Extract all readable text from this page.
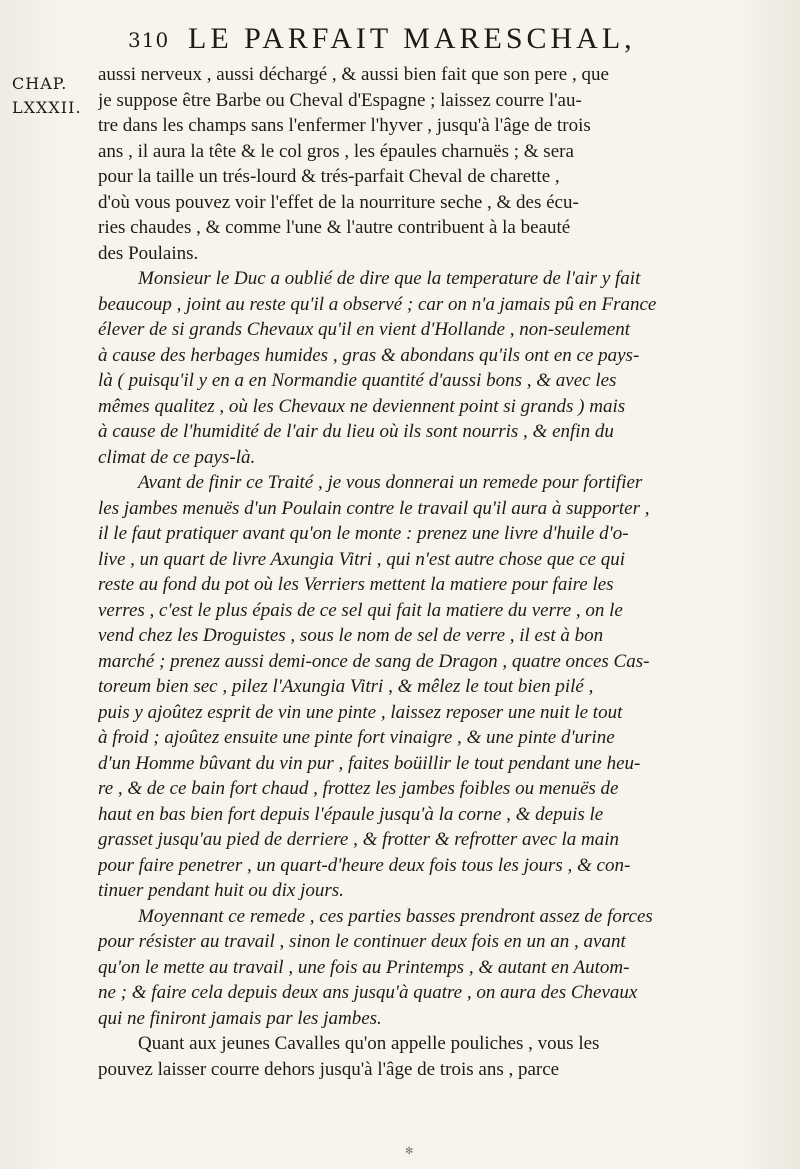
310 LE PARFAIT MARESCHAL,
CHAP.
LXXXII.
aussi nerveux , aussi déchargé , & aussi bien fait que son pere , que
je suppose être Barbe ou Cheval d'Espagne ; laissez courre l'au-
tre dans les champs sans l'enfermer l'hyver , jusqu'à l'âge de trois
ans , il aura la tête & le col gros , les épaules charnuës ; & sera
pour la taille un trés-lourd & trés-parfait Cheval de charette ,
d'où vous pouvez voir l'effet de la nourriture seche , & des écu-
ries chaudes , & comme l'une & l'autre contribuent à la beauté
des Poulains.
Monsieur le Duc a oublié de dire que la temperature de l'air y fait
beaucoup , joint au reste qu'il a observé ; car on n'a jamais pû en France
élever de si grands Chevaux qu'il en vient d'Hollande , non-seulement
à cause des herbages humides , gras & abondans qu'ils ont en ce pays-
là ( puisqu'il y en a en Normandie quantité d'aussi bons , & avec les
mêmes qualitez , où les Chevaux ne deviennent point si grands ) mais
à cause de l'humidité de l'air du lieu où ils sont nourris , & enfin du
climat de ce pays-là.
Avant de finir ce Traité , je vous donnerai un remede pour fortifier
les jambes menuës d'un Poulain contre le travail qu'il aura à supporter ,
il le faut pratiquer avant qu'on le monte : prenez une livre d'huile d'o-
live , un quart de livre Axungia Vitri , qui n'est autre chose que ce qui
reste au fond du pot où les Verriers mettent la matiere pour faire les
verres , c'est le plus épais de ce sel qui fait la matiere du verre , on le
vend chez les Droguistes , sous le nom de sel de verre , il est à bon
marché ; prenez aussi demi-once de sang de Dragon , quatre onces Cas-
toreum bien sec , pilez l'Axungia Vitri , & mêlez le tout bien pilé ,
puis y ajoûtez esprit de vin une pinte , laissez reposer une nuit le tout
à froid ; ajoûtez ensuite une pinte fort vinaigre , & une pinte d'urine
d'un Homme bûvant du vin pur , faites boüillir le tout pendant une heu-
re , & de ce bain fort chaud , frottez les jambes foibles ou menuës de
haut en bas bien fort depuis l'épaule jusqu'à la corne , & depuis le
grasset jusqu'au pied de derriere , & frotter & refrotter avec la main
pour faire penetrer , un quart-d'heure deux fois tous les jours , & con-
tinuer pendant huit ou dix jours.
Moyennant ce remede , ces parties basses prendront assez de forces
pour résister au travail , sinon le continuer deux fois en un an , avant
qu'on le mette au travail , une fois au Printemps , & autant en Autom-
ne ; & faire cela depuis deux ans jusqu'à quatre , on aura des Chevaux
qui ne finiront jamais par les jambes.
Quant aux jeunes Cavalles qu'on appelle pouliches , vous les
pouvez laisser courre dehors jusqu'à l'âge de trois ans , parce
✻
